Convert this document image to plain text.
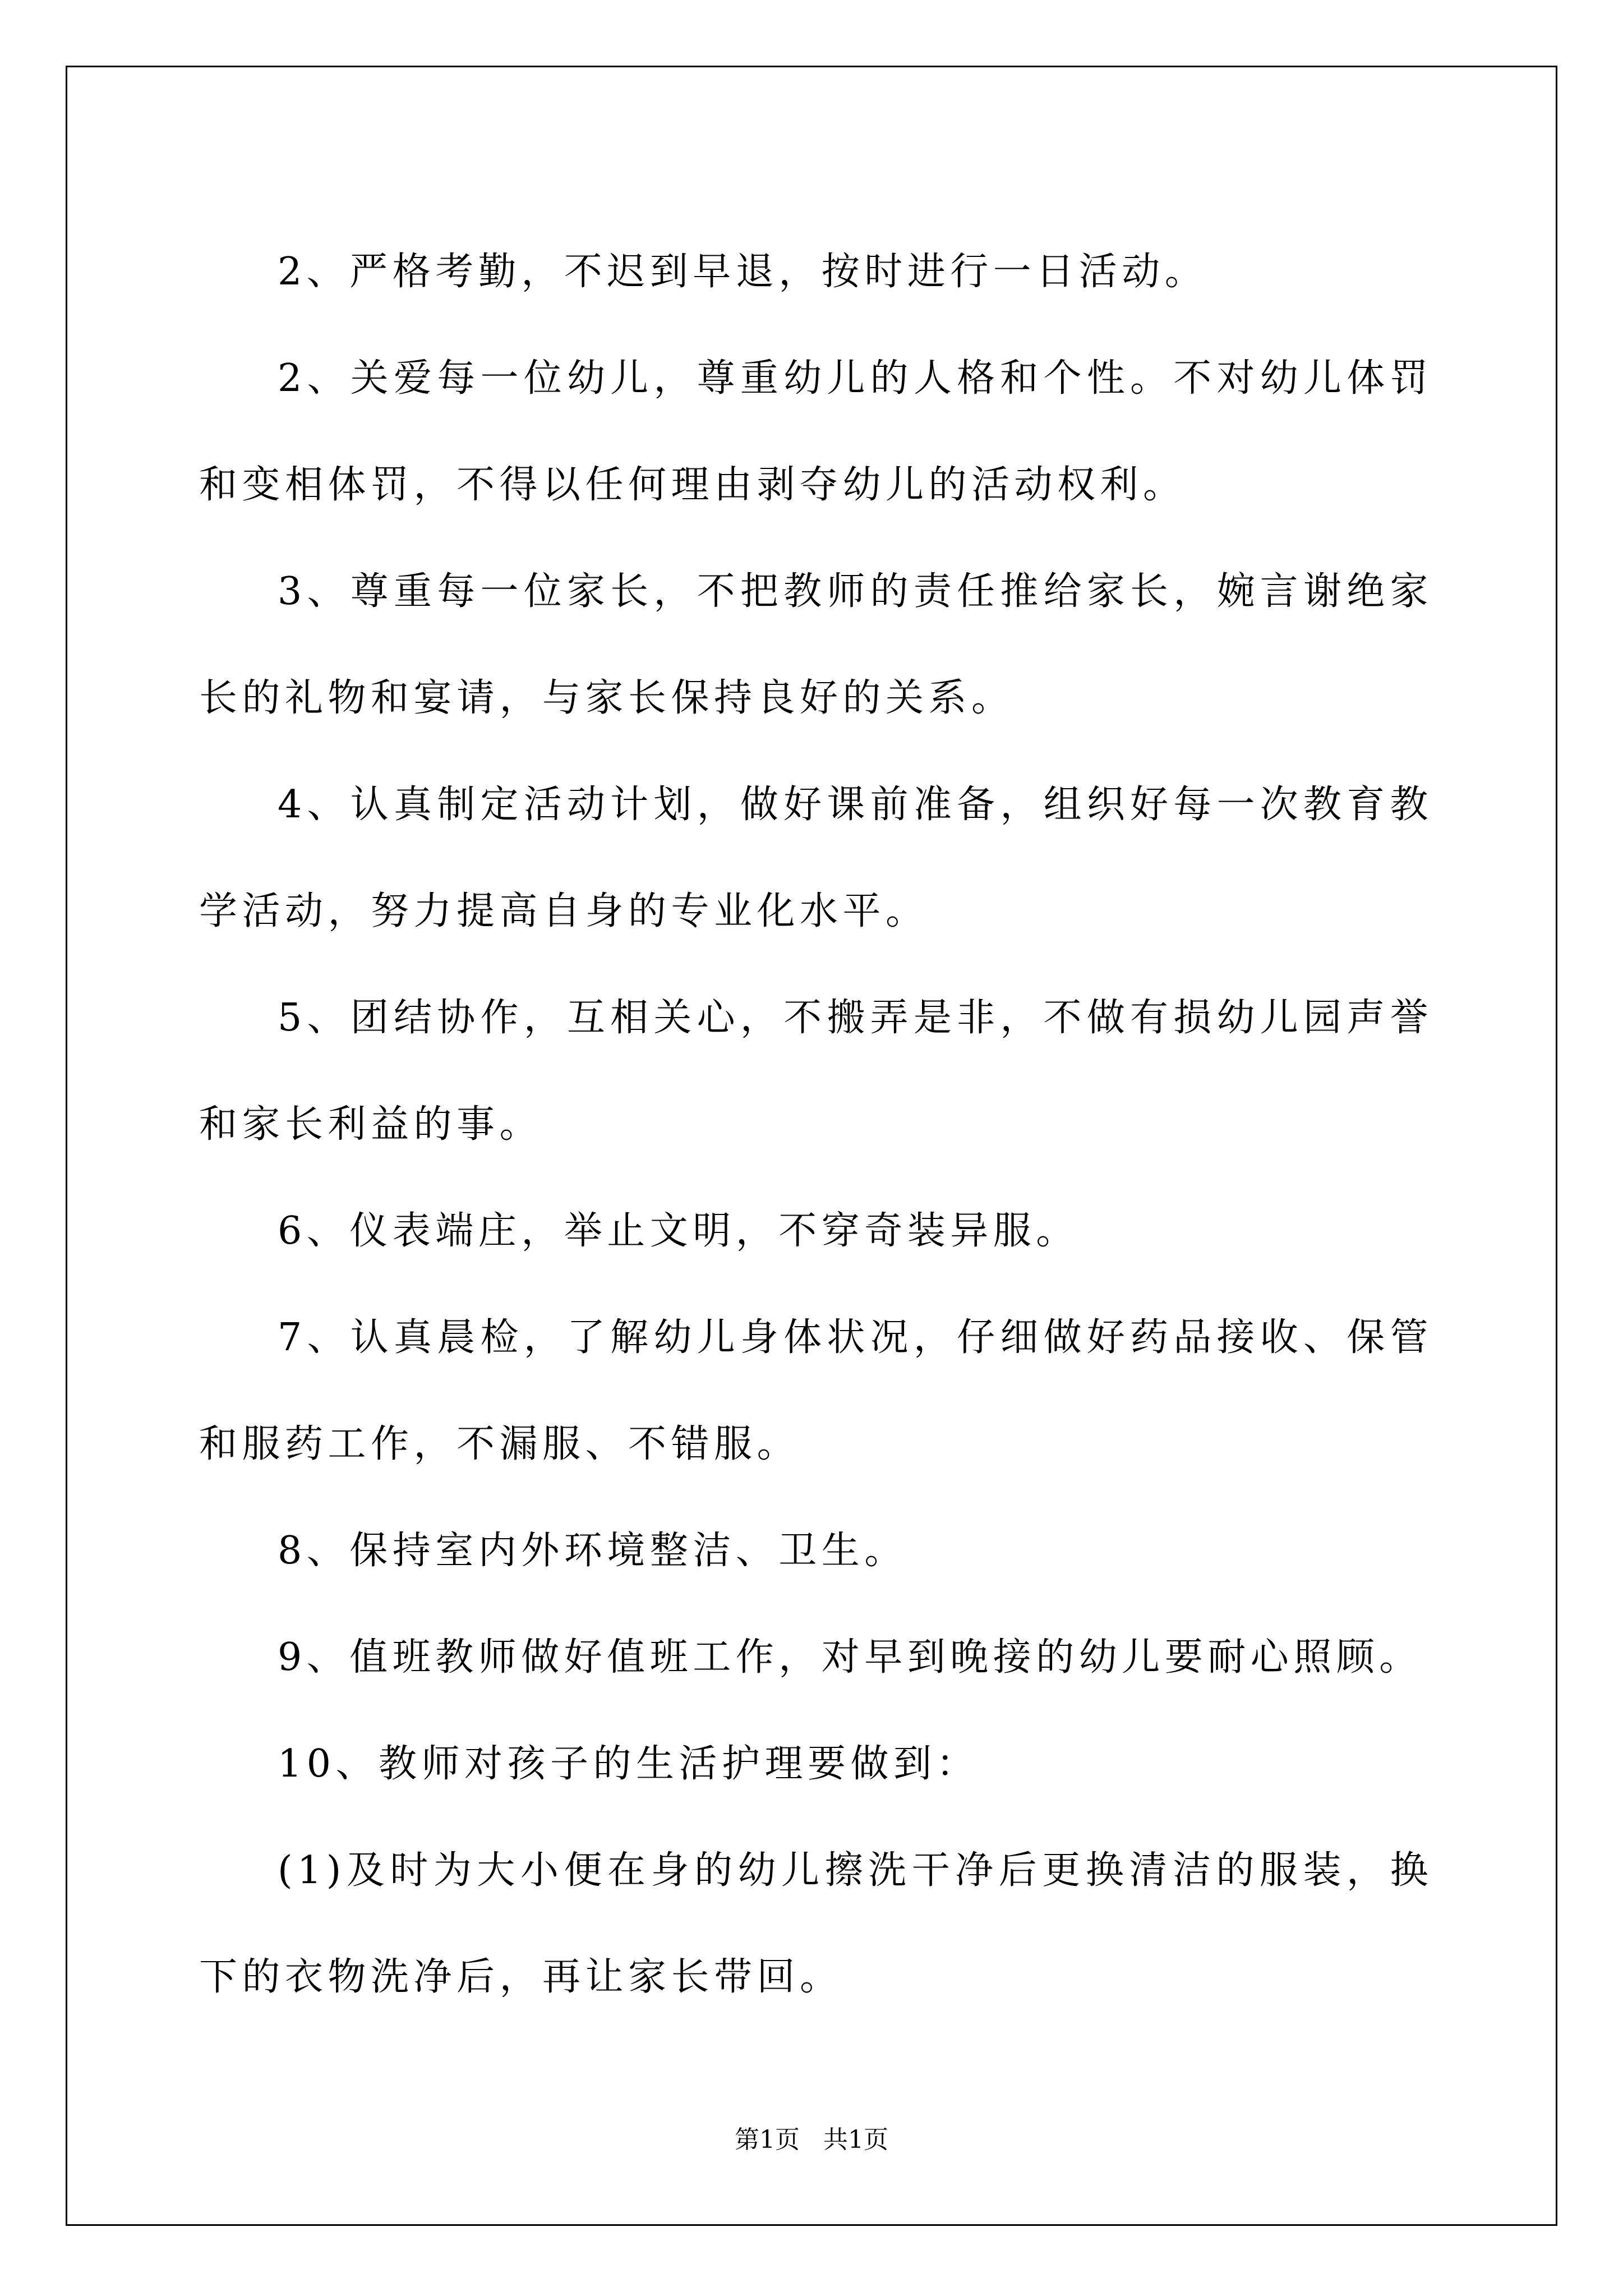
2、严格考勤，不迟到早退，按时进行一日活动。

2、关爱每一位幼儿，尊重幼儿的人格和个性。不对幼儿体罚和变相体罚，不得以任何理由剥夺幼儿的活动权利。

3、尊重每一位家长，不把教师的责任推给家长，婉言谢绝家长的礼物和宴请，与家长保持良好的关系。

4、认真制定活动计划，做好课前准备，组织好每一次教育教学活动，努力提高自身的专业化水平。

5、团结协作，互相关心，不搬弄是非，不做有损幼儿园声誉和家长利益的事。

6、仪表端庄，举止文明，不穿奇装异服。

7、认真晨检，了解幼儿身体状况，仔细做好药品接收、保管和服药工作，不漏服、不错服。

8、保持室内外环境整洁、卫生。

9、值班教师做好值班工作，对早到晚接的幼儿要耐心照顾。

10、教师对孩子的生活护理要做到：

(1)及时为大小便在身的幼儿擦洗干净后更换清洁的服装，换下的衣物洗净后，再让家长带回。

第1页   共1页
